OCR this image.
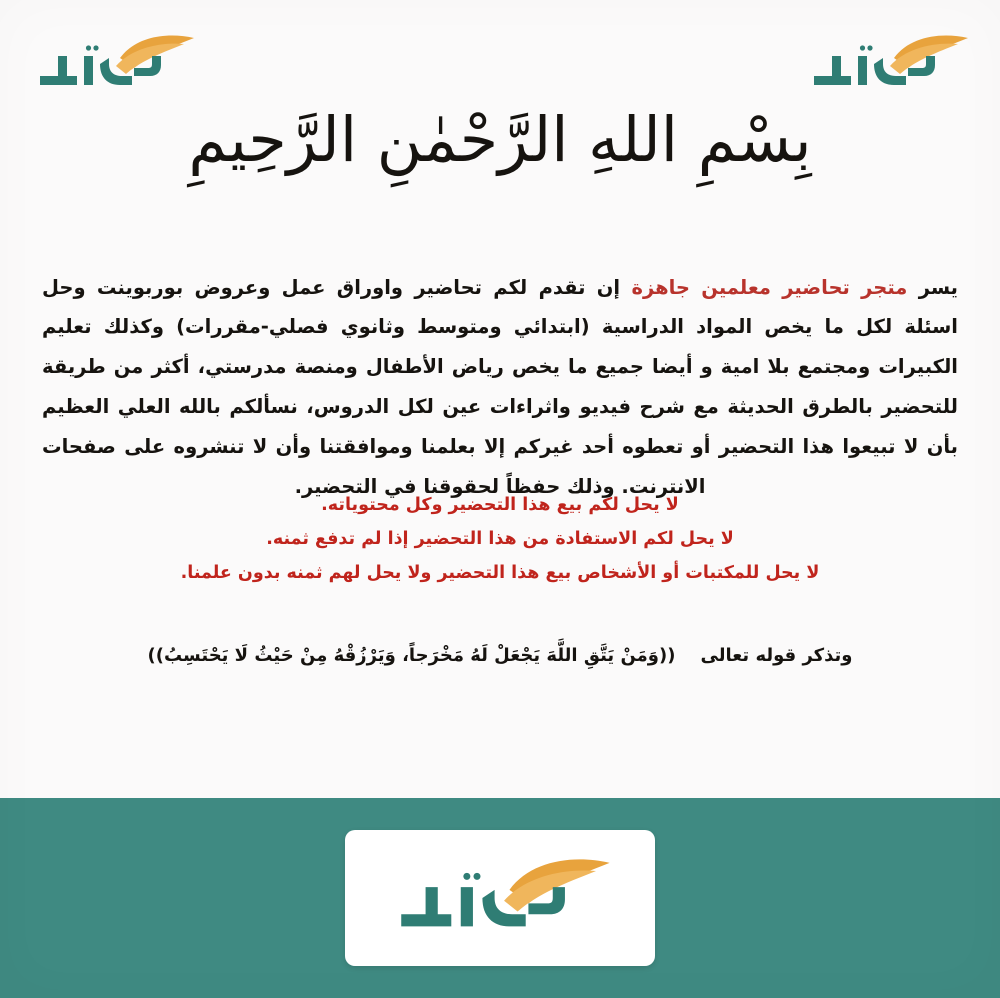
بِسْمِ اللهِ الرَّحْمٰنِ الرَّحِيمِ

يسر متجر تحاضير معلمين جاهزة إن تقدم لكم تحاضير واوراق عمل وعروض بوربوينت وحل اسئلة لكل ما يخص المواد الدراسية (ابتدائي ومتوسط وثانوي فصلي-مقررات) وكذلك تعليم الكبيرات ومجتمع بلا امية و أيضا جميع ما يخص رياض الأطفال ومنصة مدرستي، أكثر من طريقة للتحضير بالطرق الحديثة مع شرح فيديو واثراءات عين لكل الدروس، نسألكم بالله العلي العظيم بأن لا تبيعوا هذا التحضير أو تعطوه أحد غيركم إلا بعلمنا وموافقتنا وأن لا تنشروه على صفحات الانترنت. وذلك حفظاً لحقوقنا في التحضير.

لا يحل لكم بيع هذا التحضير وكل محتوياته.
لا يحل لكم الاستفادة من هذا التحضير إذا لم تدفع ثمنه.
لا يحل للمكتبات أو الأشخاص بيع هذا التحضير ولا يحل لهم ثمنه بدون علمنا.
وتذكر قوله تعالى    ((وَمَنْ يَتَّقِ اللَّهَ يَجْعَلْ لَهُ مَخْرَجاً، وَيَرْزُقْهُ مِنْ حَيْثُ لَا يَحْتَسِبُ))
